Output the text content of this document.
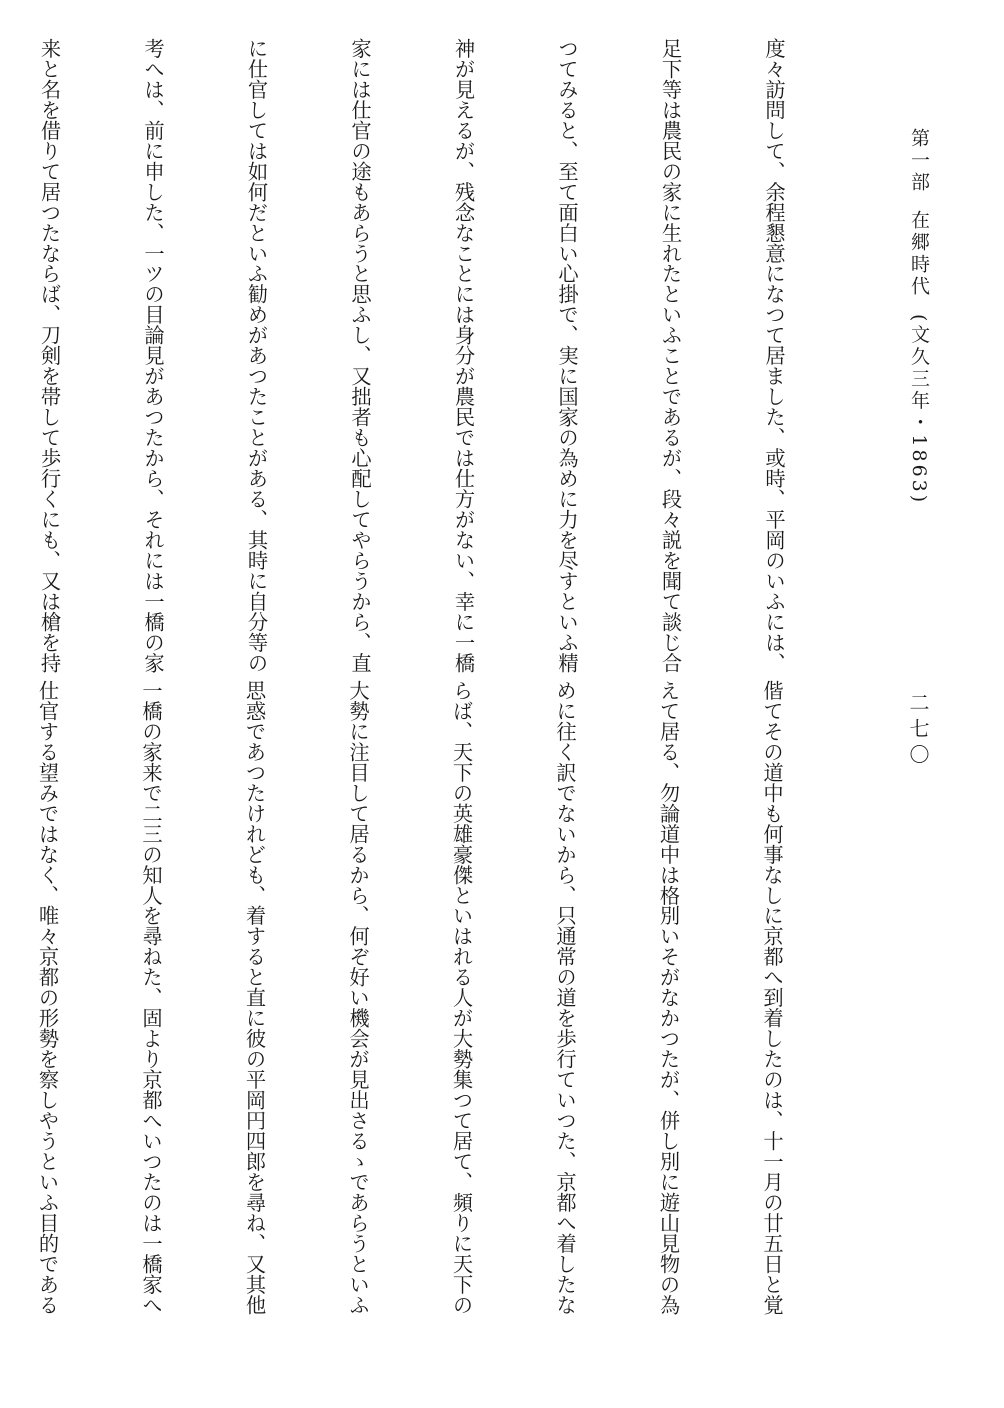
第一部在郷時代(文久三年・1863)
二七〇

度々訪問して、余程懇意になつて居ました、或時、平岡のいふには、

足下等は農民の家に生れたといふことであるが、段々説を聞て談じ合

つてみると、至て面白い心掛で、実に国家の為めに力を尽すといふ精

神が見えるが、残念なことには身分が農民では仕方がない、幸に一橋

家には仕官の途もあらうと思ふし、又拙者も心配してやらうから、直

に仕官しては如何だといふ勧めがあつたことがある、其時に自分等の

考へは、前に申した、一ツの目論見があつたから、それには一橋の家

来と名を借りて居つたならば、刀剣を帯して歩行くにも、又は槍を持

偕てその道中も何事なしに京都へ到着したのは、十一月の廿五日と覚

えて居る、勿論道中は格別いそがなかつたが、併し別に遊山見物の為

めに往く訳でないから、只通常の道を歩行ていつた、京都へ着したな

らば、天下の英雄豪傑といはれる人が大勢集つて居て、頻りに天下の

大勢に注目して居るから、何ぞ好い機会が見出さるゝであらうといふ

思惑であつたけれども、着すると直に彼の平岡円四郎を尋ね、又其他

一橋の家来で二三の知人を尋ねた、固より京都へいつたのは一橋家へ

仕官する望みではなく、唯々京都の形勢を察しやうといふ目的である
